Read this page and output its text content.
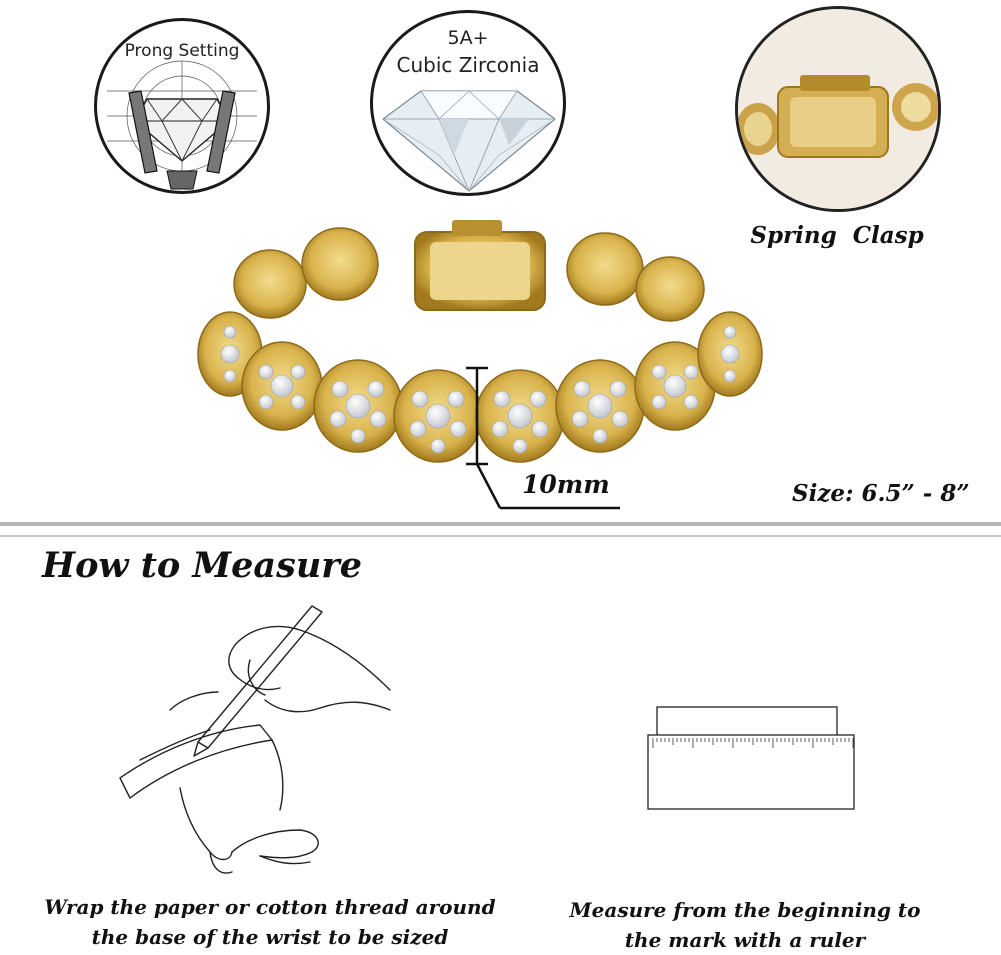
Prong Setting
5A+
Cubic Zirconia
Spring  Clasp
10mm	Size: 6.5” - 8”
How to Measure
Wrap the paper or cotton thread around
the base of the wrist to be sized
Measure from the beginning to
the mark with a ruler
